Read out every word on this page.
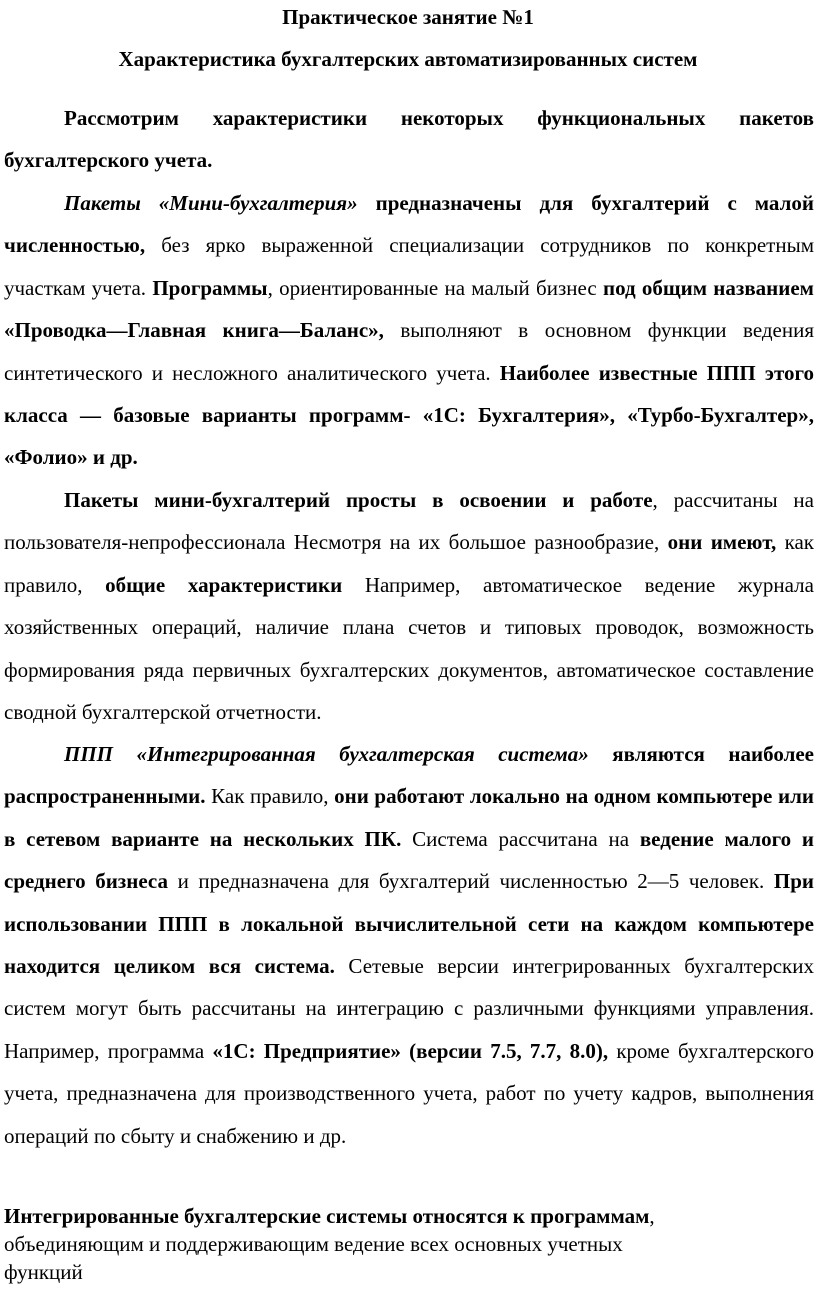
Практическое занятие №1
Характеристика бухгалтерских автоматизированных систем
Рассмотрим характеристики некоторых функциональных пакетов бухгалтерского учета.
Пакеты «Мини-бухгалтерия» предназначены для бухгалтерий с малой численностью, без ярко выраженной специализации сотрудников по конкретным участкам учета. Программы, ориентированные на малый бизнес под общим названием «Проводка—Главная книга—Баланс», выполняют в основном функции ведения синтетического и несложного аналитического учета. Наиболее известные ППП этого класса — базовые варианты программ- «1С: Бухгалтерия», «Турбо-Бухгалтер», «Фолио» и др.
Пакеты мини-бухгалтерий просты в освоении и работе, рассчитаны на пользователя-непрофессионала Несмотря на их большое разнообразие, они имеют, как правило, общие характеристики Например, автоматическое ведение журнала хозяйственных операций, наличие плана счетов и типовых проводок, возможность формирования ряда первичных бухгалтерских документов, автоматическое составление сводной бухгалтерской отчетности.
ППП «Интегрированная бухгалтерская система» являются наиболее распространенными. Как правило, они работают локально на одном компьютере или в сетевом варианте на нескольких ПК. Система рассчитана на ведение малого и среднего бизнеса и предназначена для бухгалтерий численностью 2—5 человек. При использовании ППП в локальной вычислительной сети на каждом компьютере находится целиком вся система. Сетевые версии интегрированных бухгалтерских систем могут быть рассчитаны на интеграцию с различными функциями управления. Например, программа «1С: Предприятие» (версии 7.5, 7.7, 8.0), кроме бухгалтерского учета, предназначена для производственного учета, работ по учету кадров, выполнения операций по сбыту и снабжению и др.
Интегрированные бухгалтерские системы относятся к программам,
объединяющим и поддерживающим ведение всех основных учетных
функций
